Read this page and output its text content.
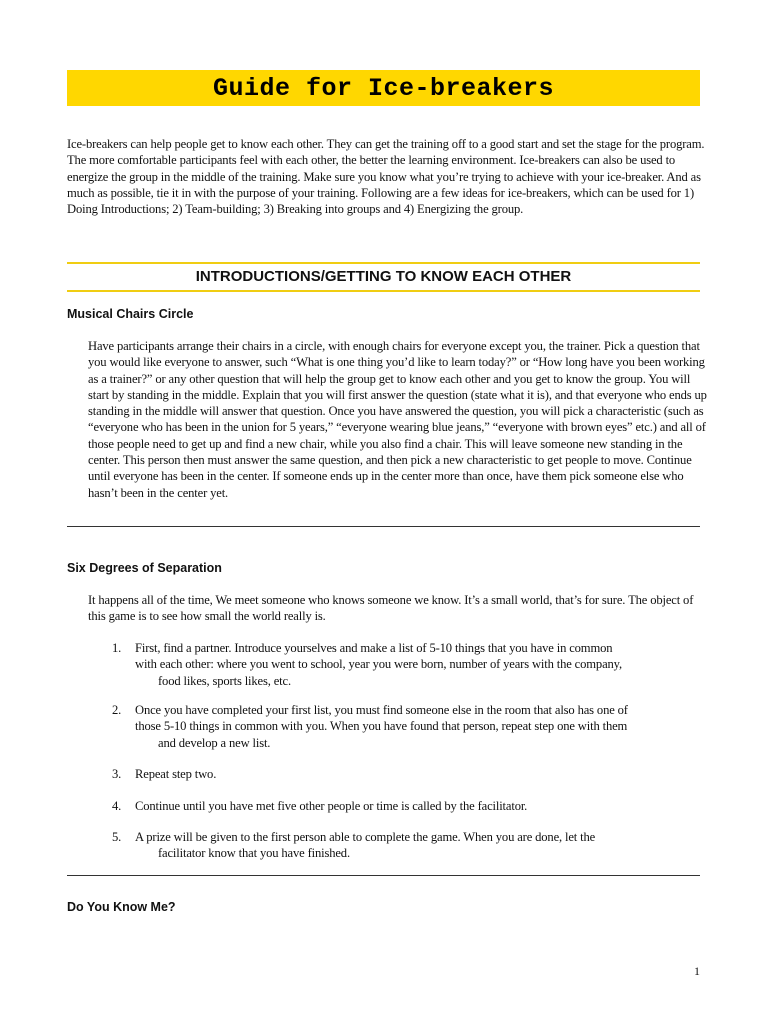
Guide for Ice-breakers

Ice-breakers can help people get to know each other. They can get the training off to a good start and set the stage for the program. The more comfortable participants feel with each other, the better the learning environment. Ice-breakers can also be used to energize the group in the middle of the training. Make sure you know what you’re trying to achieve with your ice-breaker. And as much as possible, tie it in with the purpose of your training. Following are a few ideas for ice-breakers, which can be used for 1) Doing Introductions; 2) Team-building; 3) Breaking into groups and 4) Energizing the group.

INTRODUCTIONS/GETTING TO KNOW EACH OTHER
Musical Chairs Circle

Have participants arrange their chairs in a circle, with enough chairs for everyone except you, the trainer. Pick a question that you would like everyone to answer, such “What is one thing you’d like to learn today?” or “How long have you been working as a trainer?” or any other question that will help the group get to know each other and you get to know the group. You will start by standing in the middle. Explain that you will first answer the question (state what it is), and that everyone who ends up standing in the middle will answer that question. Once you have answered the question, you will pick a characteristic (such as “everyone who has been in the union for 5 years,” “everyone wearing blue jeans,” “everyone with brown eyes” etc.) and all of those people need to get up and find a new chair, while you also find a chair. This will leave someone new standing in the center. This person then must answer the same question, and then pick a new characteristic to get people to move. Continue until everyone has been in the center. If someone ends up in the center more than once, have them pick someone else who hasn’t been in the center yet.

Six Degrees of Separation

It happens all of the time, We meet someone who knows someone we know. It’s a small world, that’s for sure. The object of this game is to see how small the world really is.

1. First, find a partner. Introduce yourselves and make a list of 5-10 things that you have in common
with each other: where you went to school, year you were born, number of years with the company,
food likes, sports likes, etc.
2. Once you have completed your first list, you must find someone else in the room that also has one of
those 5-10 things in common with you. When you have found that person, repeat step one with them
and develop a new list.
3. Repeat step two.
4. Continue until you have met five other people or time is called by the facilitator.
5. A prize will be given to the first person able to complete the game. When you are done, let the
facilitator know that you have finished.
Do You Know Me?
1
